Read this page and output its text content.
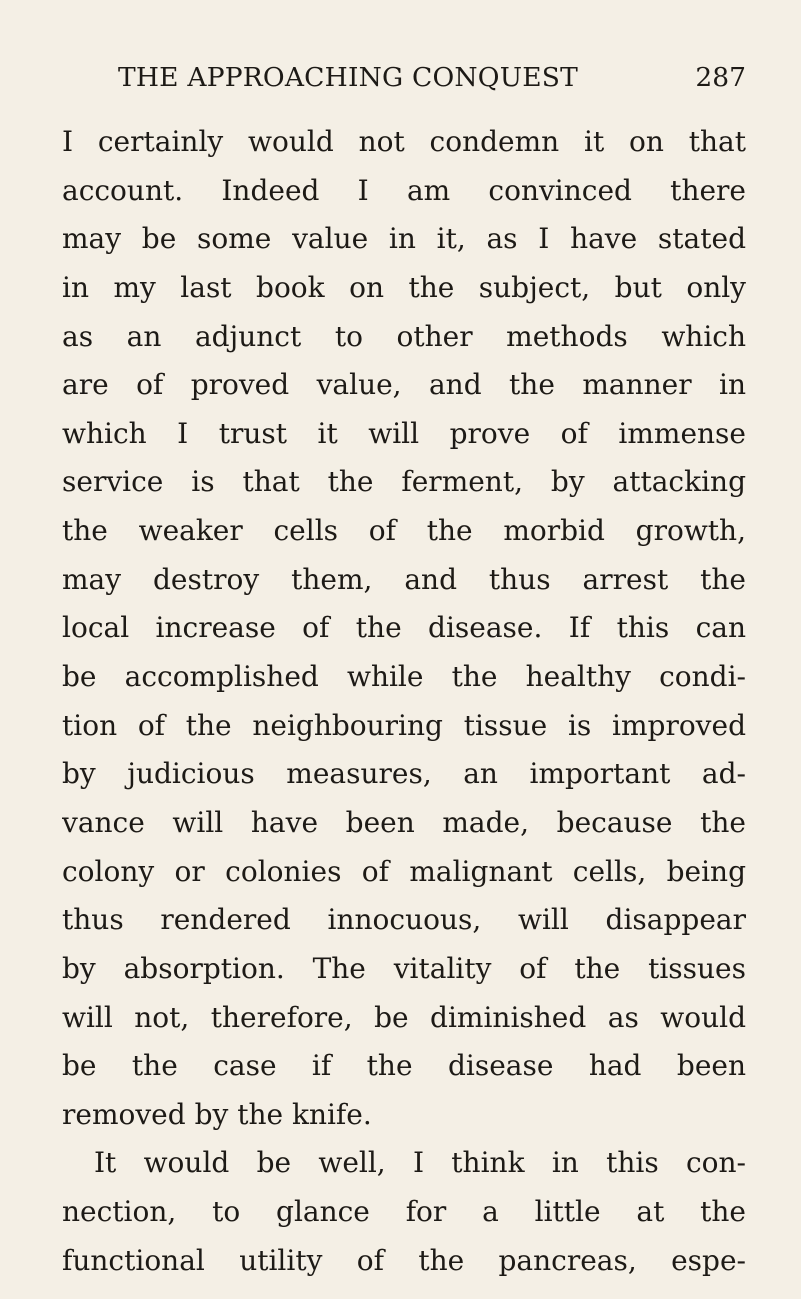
THE APPROACHING CONQUEST	287
I certainly would not condemn it on that
account. Indeed I am convinced there
may be some value in it, as I have stated
in my last book on the subject, but only
as an adjunct to other methods which
are of proved value, and the manner in
which I trust it will prove of immense
service is that the ferment, by attacking
the weaker cells of the morbid growth,
may destroy them, and thus arrest the
local increase of the disease. If this can
be accomplished while the healthy condi-
tion of the neighbouring tissue is improved
by judicious measures, an important ad-
vance will have been made, because the
colony or colonies of malignant cells, being
thus rendered innocuous, will disappear
by absorption. The vitality of the tissues
will not, therefore, be diminished as would
be the case if the disease had been
removed by the knife.
It would be well, I think in this con-
nection, to glance for a little at the
functional utility of the pancreas, espe-
